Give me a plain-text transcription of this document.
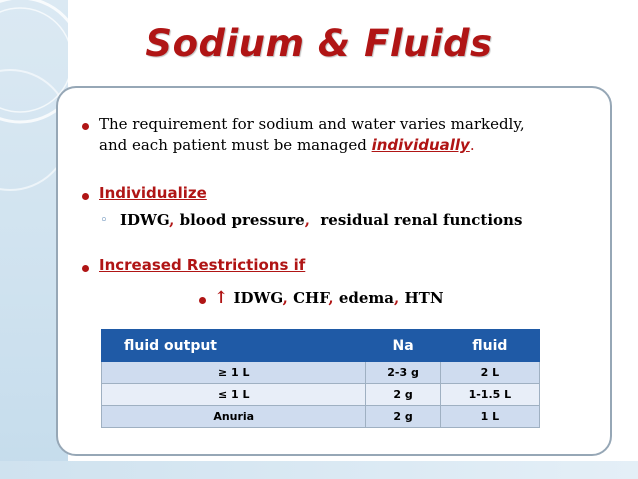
Sodium & Fluids
The requirement for sodium and water varies markedly,
and each patient must be managed individually.
Individualize
◦ IDWG, blood pressure, residual renal functions
Increased Restrictions if
↑ IDWG, CHF, edema, HTN
fluid output	Na	fluid
≥ 1 L	2-3 g	2 L
≤ 1 L	2 g	1-1.5 L
Anuria	2 g	1 L
